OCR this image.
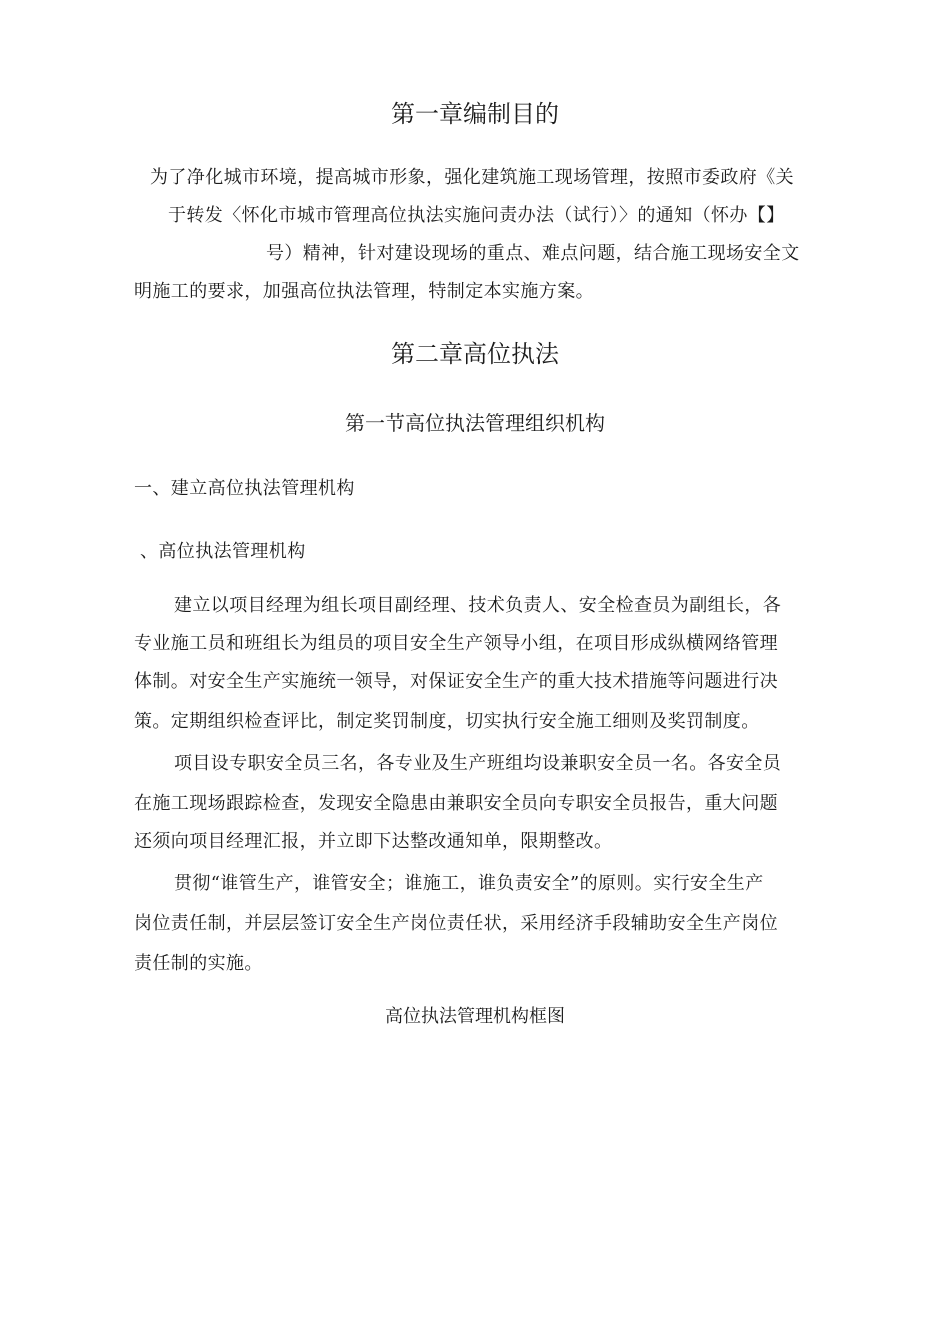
第一章编制目的
为了净化城市环境，提高城市形象，强化建筑施工现场管理，按照市委政府《关
于转发〈怀化市城市管理高位执法实施问责办法（试行）〉的通知（怀办【】
号）精神，针对建设现场的重点、难点问题，结合施工现场安全文
明施工的要求，加强高位执法管理，特制定本实施方案。
第二章高位执法
第一节高位执法管理组织机构
一、建立高位执法管理机构
、高位执法管理机构
建立以项目经理为组长项目副经理、技术负责人、安全检查员为副组长，各
专业施工员和班组长为组员的项目安全生产领导小组，在项目形成纵横网络管理
体制。对安全生产实施统一领导，对保证安全生产的重大技术措施等问题进行决
策。定期组织检查评比，制定奖罚制度，切实执行安全施工细则及奖罚制度。
项目设专职安全员三名，各专业及生产班组均设兼职安全员一名。各安全员
在施工现场跟踪检查，发现安全隐患由兼职安全员向专职安全员报告，重大问题
还须向项目经理汇报，并立即下达整改通知单，限期整改。
贯彻“谁管生产，谁管安全；谁施工，谁负责安全”的原则。实行安全生产
岗位责任制，并层层签订安全生产岗位责任状，采用经济手段辅助安全生产岗位
责任制的实施。
高位执法管理机构框图
